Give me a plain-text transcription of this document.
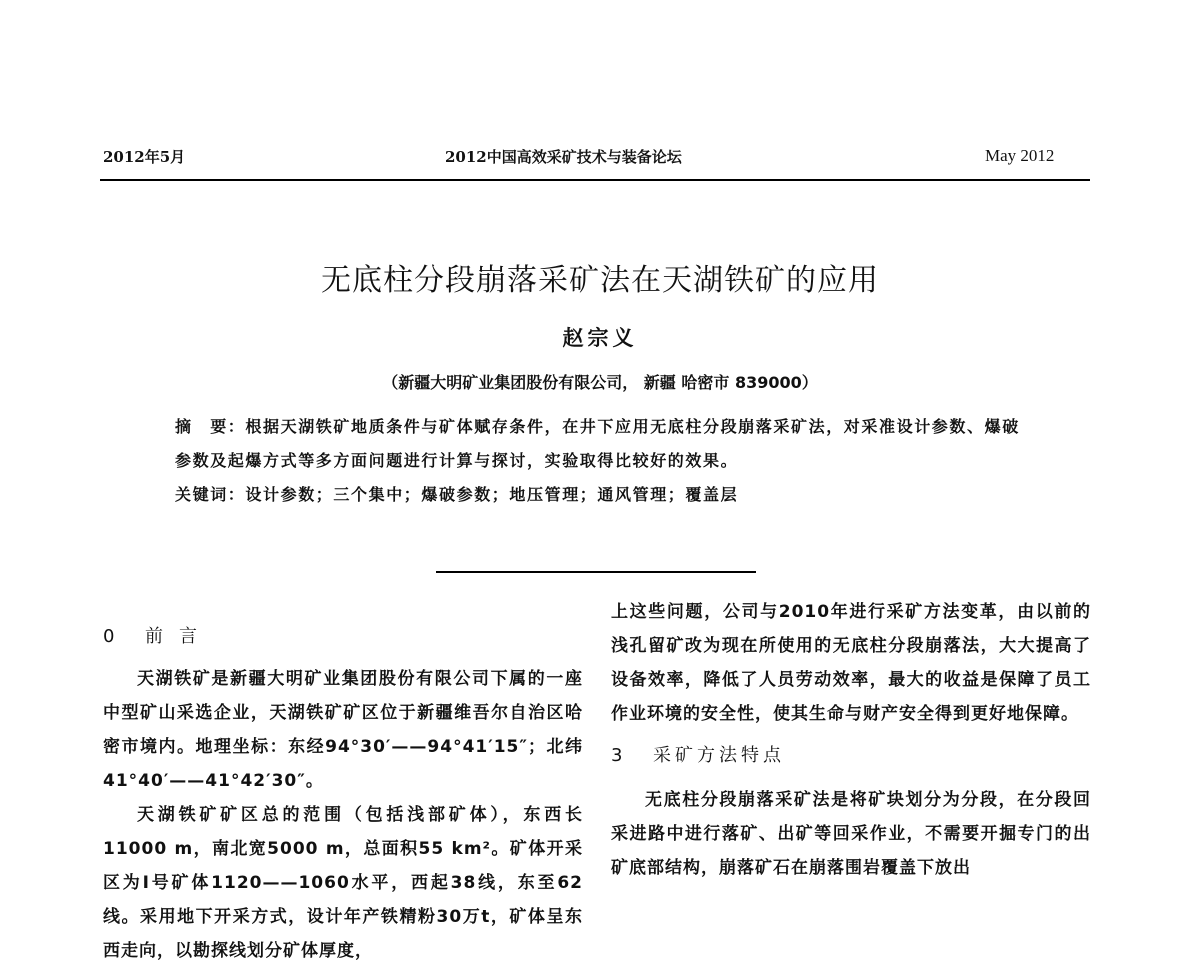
2012年5月	2012中国高效采矿技术与装备论坛	May 2012
无底柱分段崩落采矿法在天湖铁矿的应用
赵宗义
（新疆大明矿业集团股份有限公司， 新疆 哈密市 839000）
摘　要：根据天湖铁矿地质条件与矿体赋存条件，在井下应用无底柱分段崩落采矿法，对采准设计参数、爆破参数及起爆方式等多方面问题进行计算与探讨，实验取得比较好的效果。
关键词：设计参数；三个集中；爆破参数；地压管理；通风管理；覆盖层
0 前言

天湖铁矿是新疆大明矿业集团股份有限公司下属的一座中型矿山采选企业，天湖铁矿矿区位于新疆维吾尔自治区哈密市境内。地理坐标：东经94°30′——94°41′15″；北纬41°40′——41°42′30″。

天湖铁矿矿区总的范围（包括浅部矿体），东西长11000 m，南北宽5000 m，总面积55 km²。矿体开采区为Ⅰ号矿体1120——1060水平，西起38线，东至62线。采用地下开采方式，设计年产铁精粉30万t，矿体呈东西走向，以勘探线划分矿体厚度，

上这些问题，公司与2010年进行采矿方法变革，由以前的浅孔留矿改为现在所使用的无底柱分段崩落法，大大提高了设备效率，降低了人员劳动效率，最大的收益是保障了员工作业环境的安全性，使其生命与财产安全得到更好地保障。

3 采矿方法特点

无底柱分段崩落采矿法是将矿块划分为分段，在分段回采进路中进行落矿、出矿等回采作业，不需要开掘专门的出矿底部结构，崩落矿石在崩落围岩覆盖下放出
